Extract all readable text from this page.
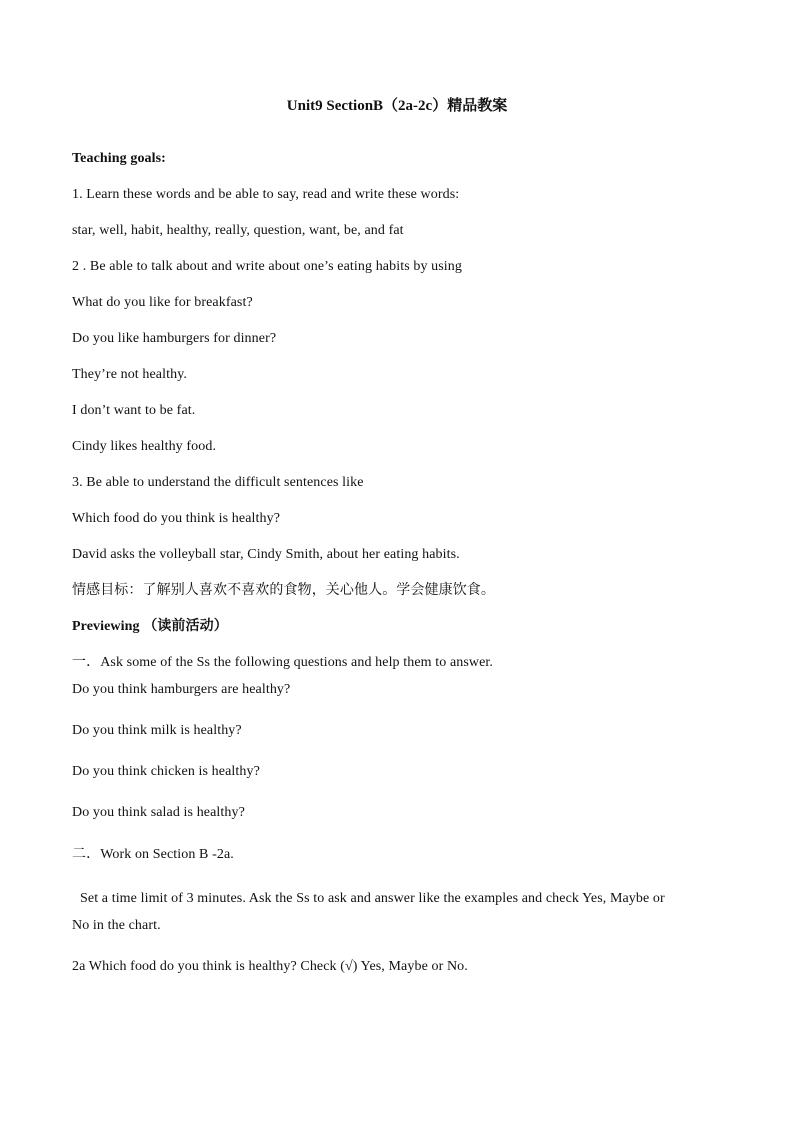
Unit9 SectionB（2a-2c）精品教案
Teaching goals:
1. Learn these words and be able to say, read and write these words:
star, well, habit, healthy, really, question, want, be, and fat
2 . Be able to talk about and write about one’s eating habits by using
What do you like for breakfast?
Do you like hamburgers for dinner?
They’re not healthy.
I don’t want to be fat.
Cindy likes healthy food.
3. Be able to understand the difficult sentences like
Which food do you think is healthy?
David asks the volleyball star, Cindy Smith, about her eating habits.
情感目标：了解别人喜欢不喜欢的食物，关心他人。学会健康饮食。
Previewing （读前活动）
一．Ask some of the Ss the following questions and help them to answer.
Do you think hamburgers are healthy?
Do you think milk is healthy?
Do you think chicken is healthy?
Do you think salad is healthy?
二．Work on Section B -2a.
Set a time limit of 3 minutes. Ask the Ss to ask and answer like the examples and check Yes, Maybe or No in the chart.
2a Which food do you think is healthy? Check (√) Yes, Maybe or No.
